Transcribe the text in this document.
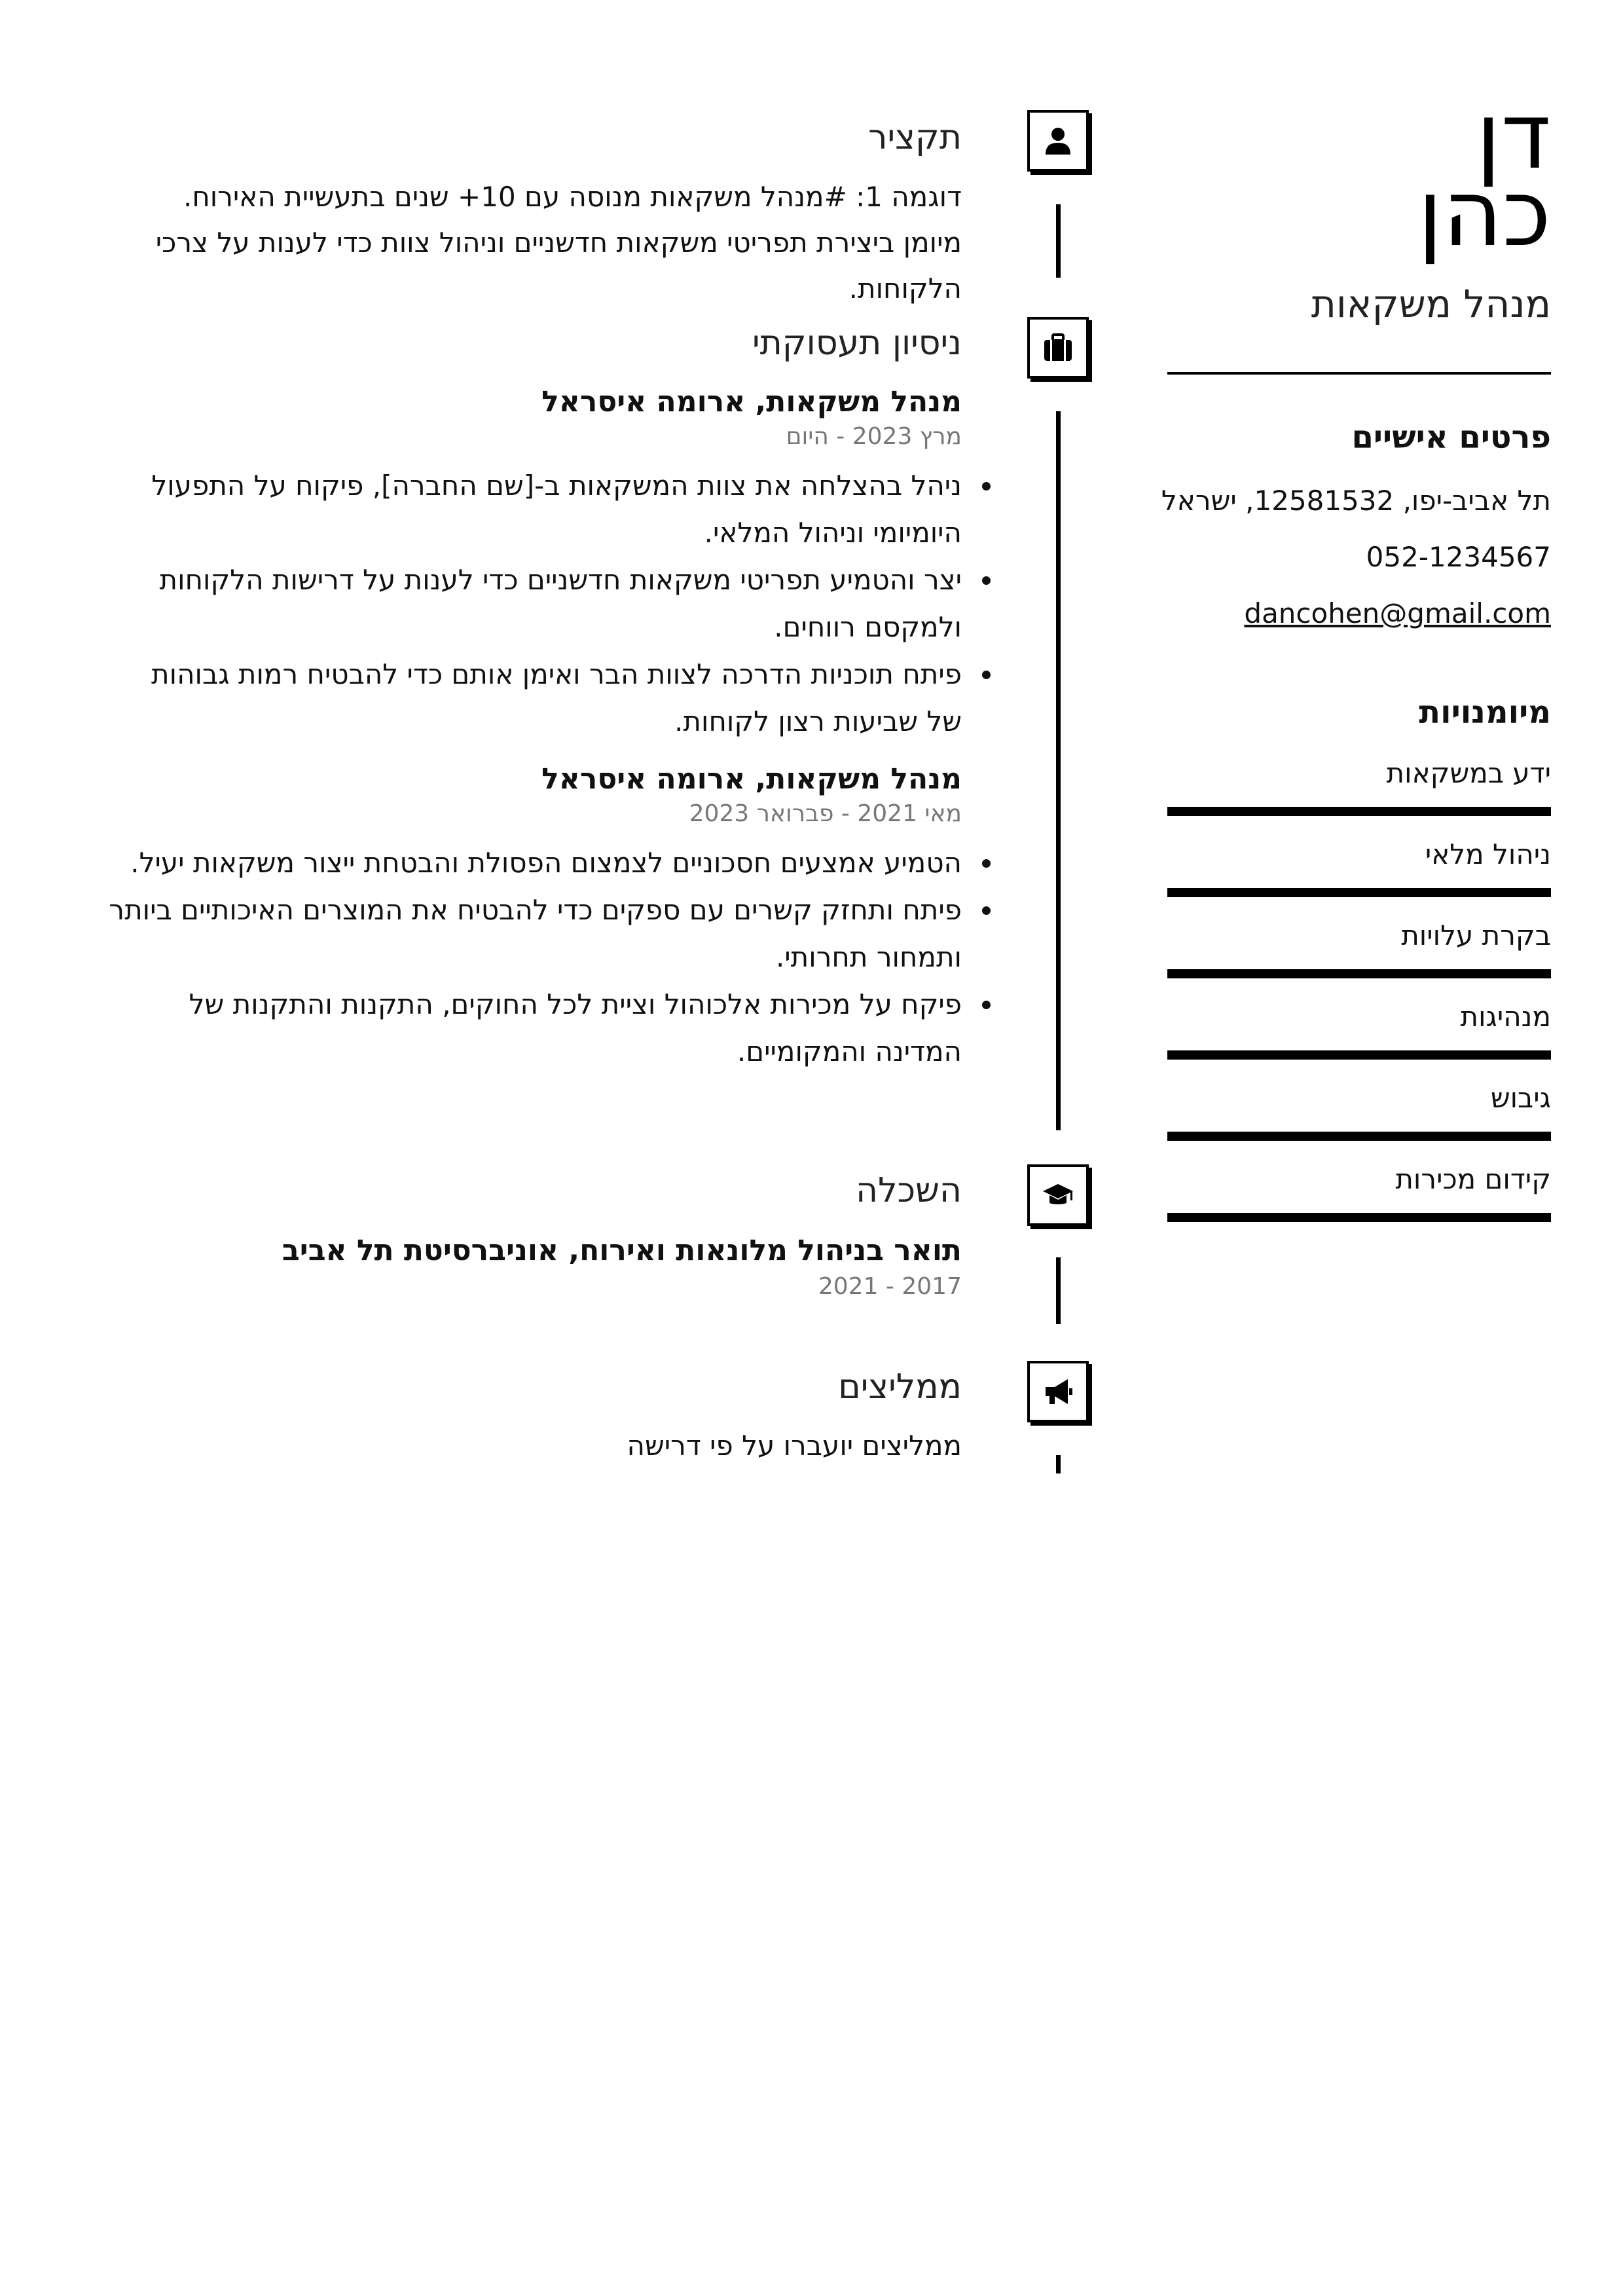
דן
כהן
מנהל משקאות
פרטים אישיים
תל אביב-יפו, 12581532, ישראל
052-1234567
dancohen@gmail.com
מיומנויות
ידע במשקאות
ניהול מלאי
בקרת עלויות
מנהיגות
גיבוש
קידום מכירות
תקציר
דוגמה 1: #מנהל משקאות מנוסה עם 10+ שנים בתעשיית האירוח. מיומן ביצירת תפריטי משקאות חדשניים וניהול צוות כדי לענות על צרכי הלקוחות.
ניסיון תעסוקתי
מנהל משקאות, ארומה איסראל
מרץ 2023 - היום
ניהל בהצלחה את צוות המשקאות ב-[שם החברה], פיקוח על התפעול היומיומי וניהול המלאי.
יצר והטמיע תפריטי משקאות חדשניים כדי לענות על דרישות הלקוחות ולמקסם רווחים.
פיתח תוכניות הדרכה לצוות הבר ואימן אותם כדי להבטיח רמות גבוהות של שביעות רצון לקוחות.
מנהל משקאות, ארומה איסראל
מאי 2021 - פברואר 2023
הטמיע אמצעים חסכוניים לצמצום הפסולת והבטחת ייצור משקאות יעיל.
פיתח ותחזק קשרים עם ספקים כדי להבטיח את המוצרים האיכותיים ביותר ותמחור תחרותי.
פיקח על מכירות אלכוהול וציית לכל החוקים, התקנות והתקנות של המדינה והמקומיים.
השכלה
תואר בניהול מלונאות ואירוח, אוניברסיטת תל אביב
2017 - 2021
ממליצים
ממליצים יועברו על פי דרישה
